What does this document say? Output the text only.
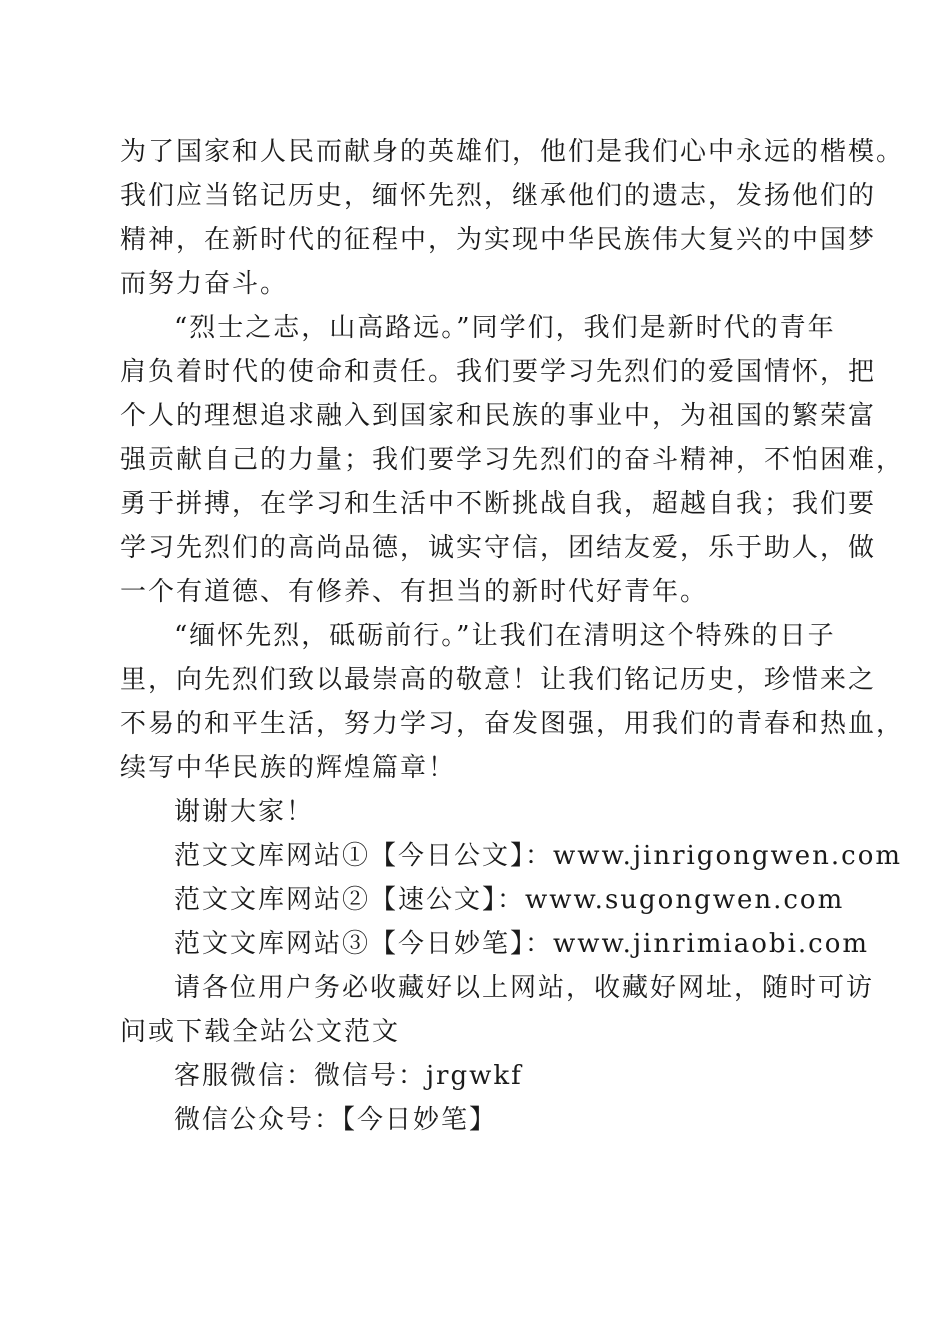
为了国家和人民而献身的英雄们，他们是我们心中永远的楷模。
我们应当铭记历史，缅怀先烈，继承他们的遗志，发扬他们的
精神，在新时代的征程中，为实现中华民族伟大复兴的中国梦
而努力奋斗。

“烈士之志，山高路远。”同学们，我们是新时代的青年
肩负着时代的使命和责任。我们要学习先烈们的爱国情怀，把
个人的理想追求融入到国家和民族的事业中，为祖国的繁荣富
强贡献自己的力量；我们要学习先烈们的奋斗精神，不怕困难，
勇于拼搏，在学习和生活中不断挑战自我，超越自我；我们要
学习先烈们的高尚品德，诚实守信，团结友爱，乐于助人，做
一个有道德、有修养、有担当的新时代好青年。

“缅怀先烈，砥砺前行。”让我们在清明这个特殊的日子
里，向先烈们致以最崇高的敬意！让我们铭记历史，珍惜来之
不易的和平生活，努力学习，奋发图强，用我们的青春和热血，
续写中华民族的辉煌篇章！

谢谢大家！

范文文库网站①【今日公文】：www.jinrigongwen.com

范文文库网站②【速公文】：www.sugongwen.com

范文文库网站③【今日妙笔】：www.jinrimiaobi.com

请各位用户务必收藏好以上网站，收藏好网址，随时可访
问或下载全站公文范文

客服微信：微信号：jrgwkf

微信公众号：【今日妙笔】
